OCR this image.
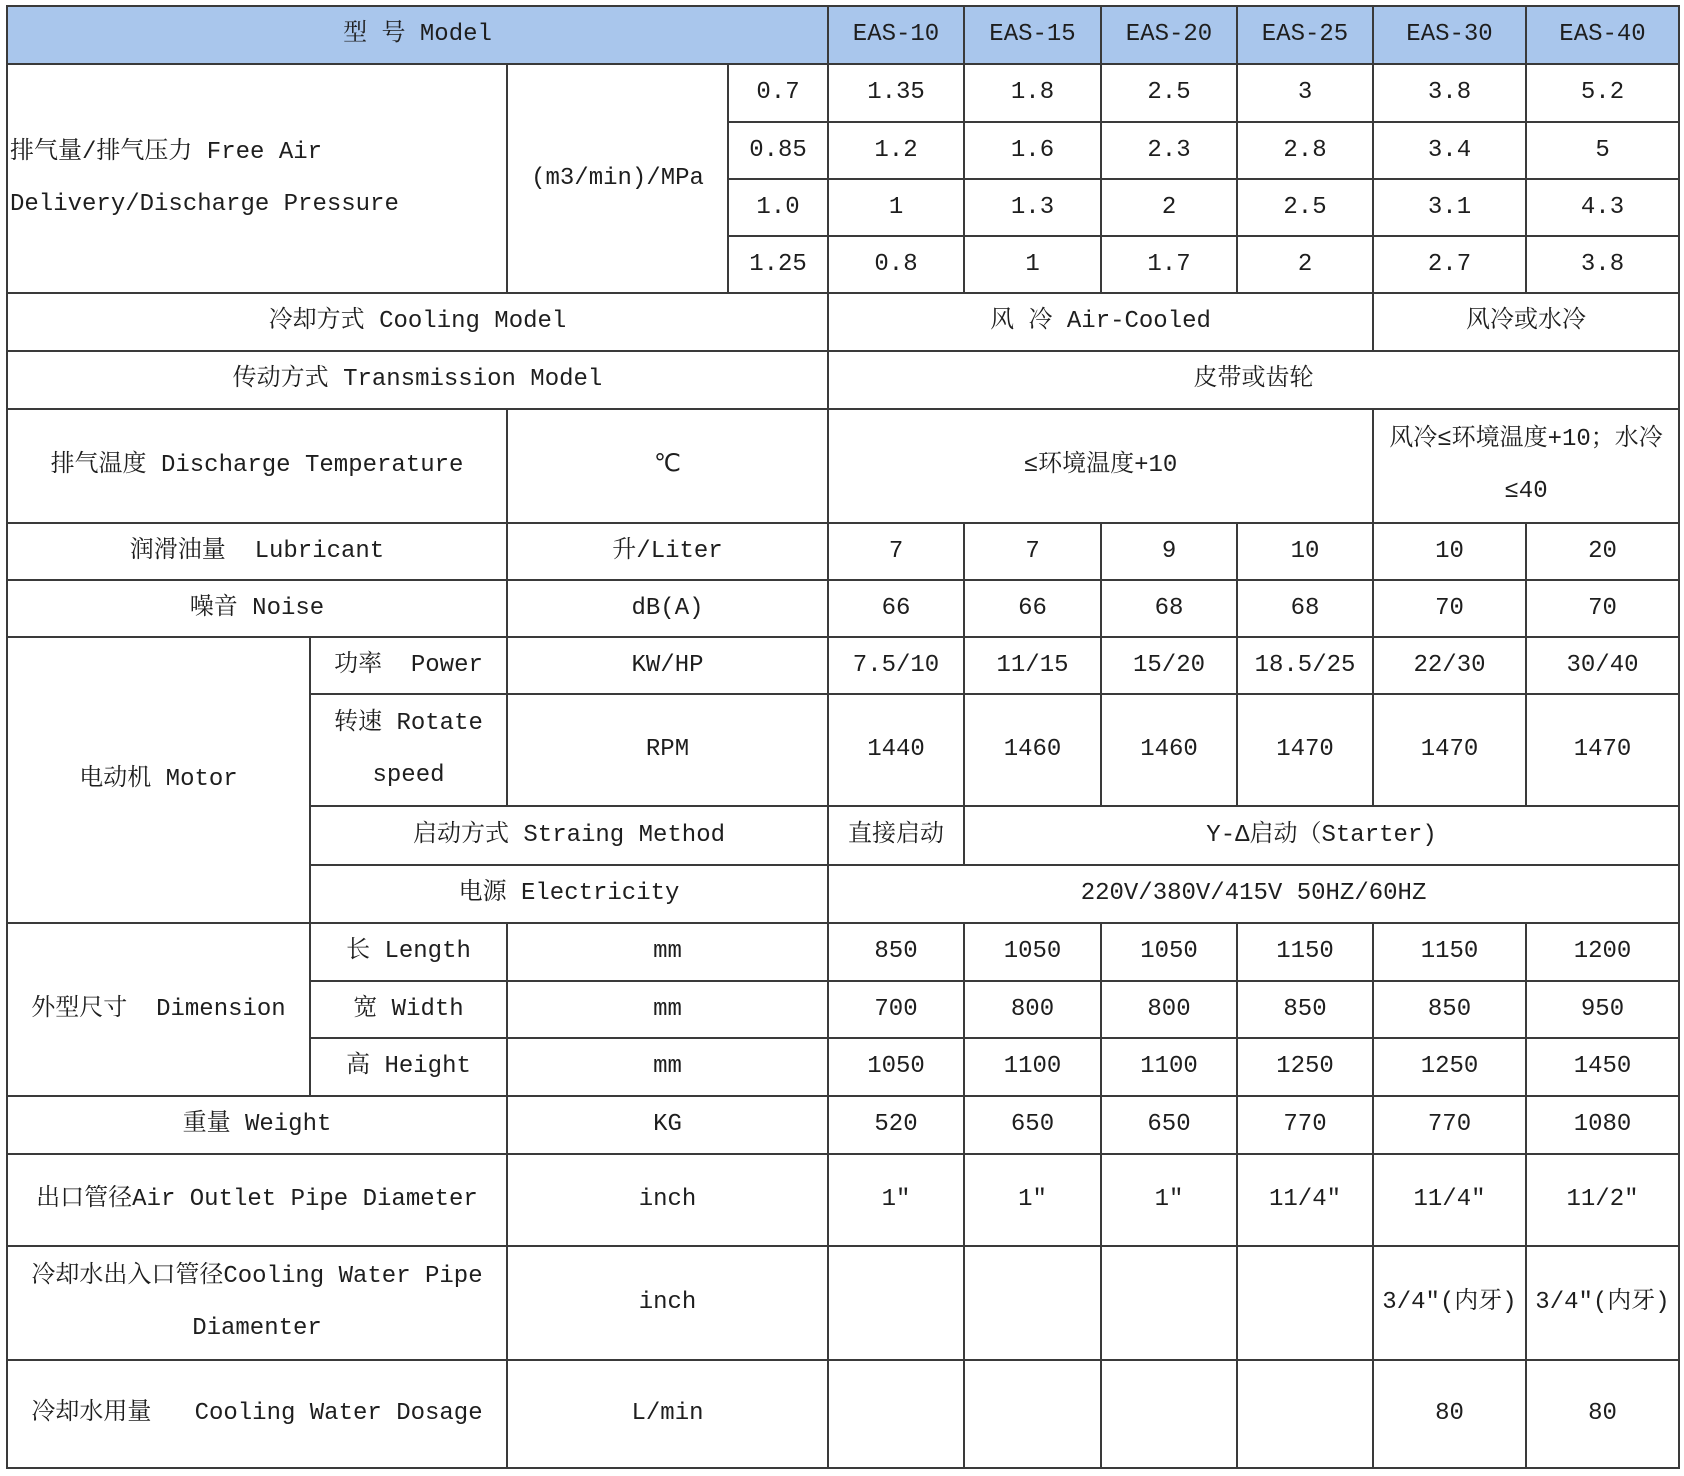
型 号 Model				EAS-10	EAS-15	EAS-20	EAS-25	EAS-30	EAS-40
排气量/排气压力 Free Air Delivery/Discharge Pressure		(m3/min)/MPa	0.7	1.35	1.8	2.5	3	3.8	5.2
			0.85	1.2	1.6	2.3	2.8	3.4	5
			1.0	1	1.3	2	2.5	3.1	4.3
			1.25	0.8	1	1.7	2	2.7	3.8
冷却方式 Cooling Model				风 冷 Air-Cooled				风冷或水冷	
传动方式 Transmission Model				皮带或齿轮					
排气温度 Discharge Temperature		℃		≤环境温度+10				风冷≤环境温度+10；水冷≤40	
润滑油量  Lubricant		升/Liter		7	7	9	10	10	20
噪音 Noise		dB(A)		66	66	68	68	70	70
电动机 Motor	功率  Power	KW/HP		7.5/10	11/15	15/20	18.5/25	22/30	30/40
	转速 Rotate speed	RPM		1440	1460	1460	1470	1470	1470
	启动方式 Straing Method			直接启动	Y-Δ启动（Starter)				
	电源 Electricity			220V/380V/415V 50HZ/60HZ					
外型尺寸  Dimension	长 Length	mm		850	1050	1050	1150	1150	1200
	宽 Width	mm		700	800	800	850	850	950
	高 Height	mm		1050	1100	1100	1250	1250	1450
重量 Weight		KG		520	650	650	770	770	1080
出口管径Air Outlet Pipe Diameter		inch		1″	1″	1″	11/4″	11/4″	11/2″
冷却水出入口管径Cooling Water Pipe Diamenter		inch						3/4″(内牙)	3/4″(内牙)
冷却水用量   Cooling Water Dosage		L/min						80	80
